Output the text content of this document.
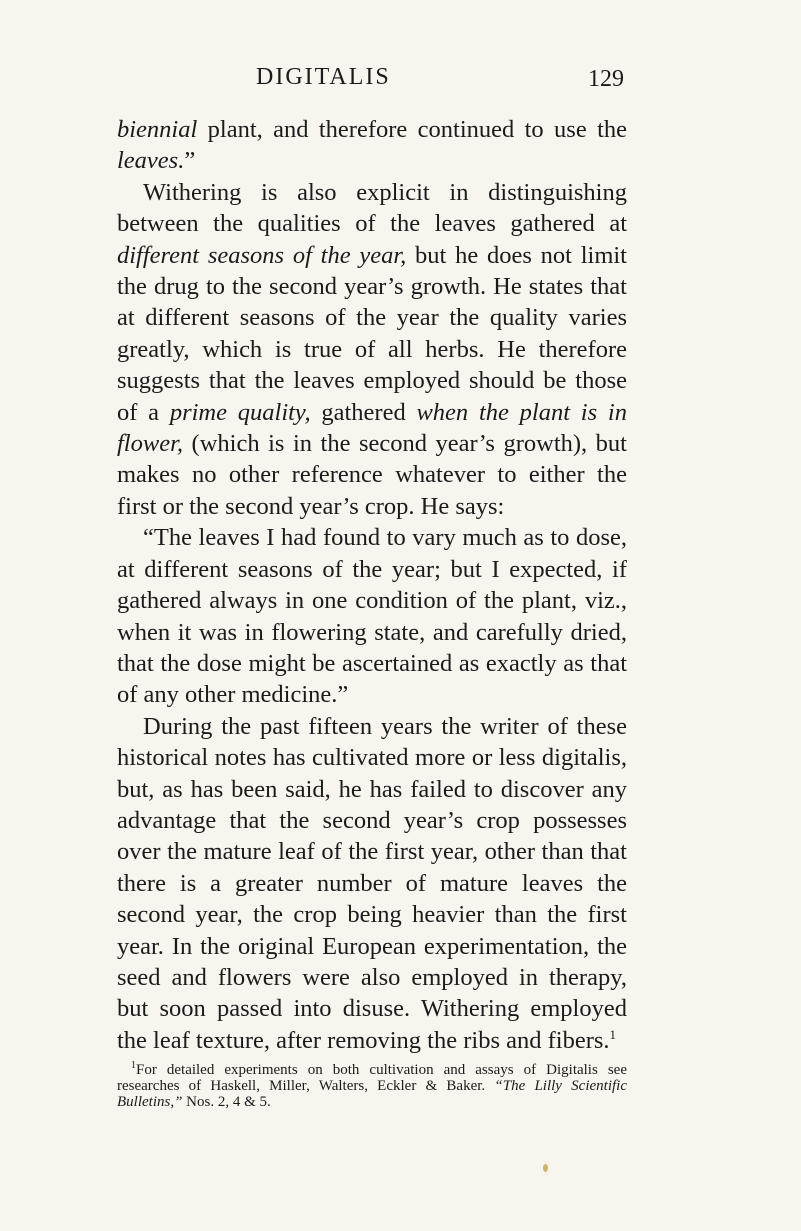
DIGITALIS	129

biennial plant, and therefore continued to use the leaves.”

Withering is also explicit in distinguishing between the qualities of the leaves gathered at different seasons of the year, but he does not limit the drug to the second year’s growth. He states that at different seasons of the year the quality varies greatly, which is true of all herbs. He therefore suggests that the leaves employed should be those of a prime quality, gathered when the plant is in flower, (which is in the second year’s growth), but makes no other reference whatever to either the first or the second year’s crop. He says:

“The leaves I had found to vary much as to dose, at different seasons of the year; but I expected, if gathered always in one condition of the plant, viz., when it was in flowering state, and carefully dried, that the dose might be ascertained as exactly as that of any other medicine.”

During the past fifteen years the writer of these historical notes has cultivated more or less digitalis, but, as has been said, he has failed to discover any advantage that the second year’s crop possesses over the mature leaf of the first year, other than that there is a greater number of mature leaves the second year, the crop being heavier than the first year. In the original European experimentation, the seed and flowers were also employed in therapy, but soon passed into disuse. Withering employed the leaf texture, after removing the ribs and fibers.$^1$

$^1$For detailed experiments on both cultivation and assays of Digitalis see researches of Haskell, Miller, Walters, Eckler & Baker. “The Lilly Scientific Bulletins,” Nos. 2, 4 & 5.
